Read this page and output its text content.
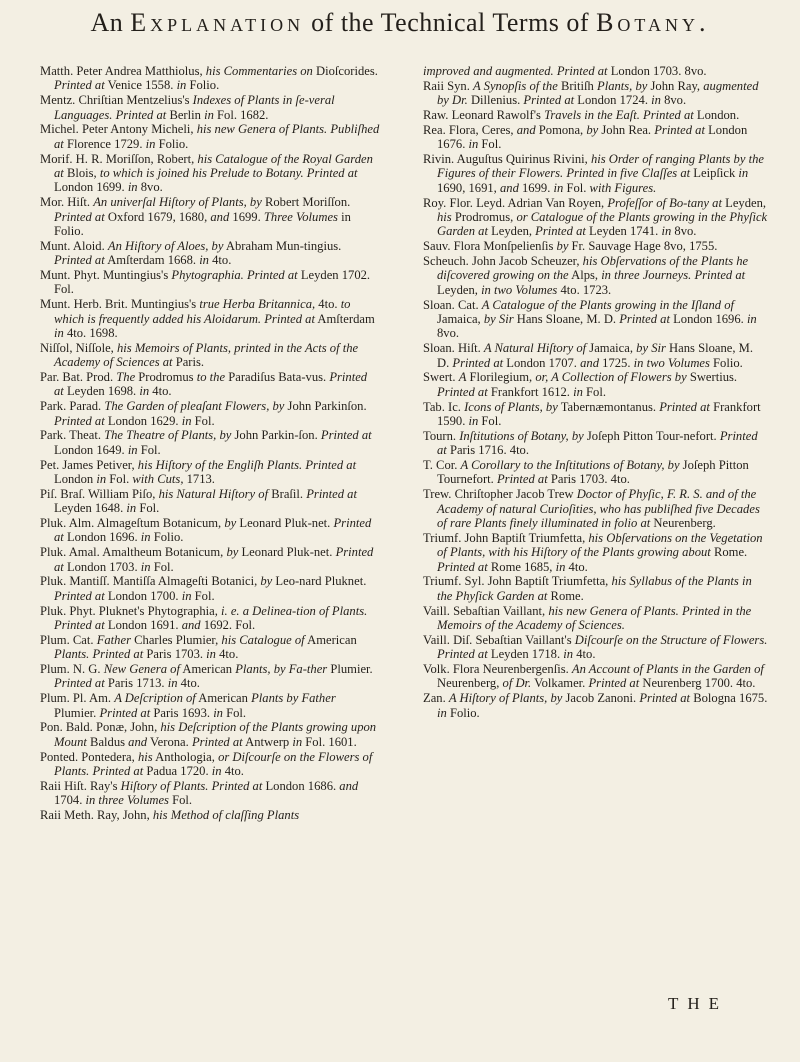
An Explanation of the Technical Terms of Botany.

Matth. Peter Andrea Matthiolus, his Commentaries on Dioſcorides. Printed at Venice 1558. in Folio.

Mentz. Chriſtian Mentzelius's Indexes of Plants in ſe-veral Languages. Printed at Berlin in Fol. 1682.

Michel. Peter Antony Micheli, his new Genera of Plants. Publiſhed at Florence 1729. in Folio.

Morif. H. R. Moriſſon, Robert, his Catalogue of the Royal Garden at Blois, to which is joined his Prelude to Botany. Printed at London 1699. in 8vo.

Mor. Hiſt. An univerſal Hiſtory of Plants, by Robert Moriſſon. Printed at Oxford 1679, 1680, and 1699. Three Volumes in Folio.

Munt. Aloid. An Hiſtory of Aloes, by Abraham Mun-tingius. Printed at Amſterdam 1668. in 4to.

Munt. Phyt. Muntingius's Phytographia. Printed at Leyden 1702. Fol.

Munt. Herb. Brit. Muntingius's true Herba Britannica, 4to. to which is frequently added his Aloidarum. Printed at Amſterdam in 4to. 1698.

Niſſol, Niſſole, his Memoirs of Plants, printed in the Acts of the Academy of Sciences at Paris.

Par. Bat. Prod. The Prodromus to the Paradiſus Bata-vus. Printed at Leyden 1698. in 4to.

Park. Parad. The Garden of pleaſant Flowers, by John Parkinſon. Printed at London 1629. in Fol.

Park. Theat. The Theatre of Plants, by John Parkin-ſon. Printed at London 1649. in Fol.

Pet. James Petiver, his Hiſtory of the Engliſh Plants. Printed at London in Fol. with Cuts, 1713.

Piſ. Braſ. William Piſo, his Natural Hiſtory of Braſil. Printed at Leyden 1648. in Fol.

Pluk. Alm. Almageſtum Botanicum, by Leonard Pluk-net. Printed at London 1696. in Folio.

Pluk. Amal. Amaltheum Botanicum, by Leonard Pluk-net. Printed at London 1703. in Fol.

Pluk. Mantiſſ. Mantiſſa Almageſti Botanici, by Leo-nard Pluknet. Printed at London 1700. in Fol.

Pluk. Phyt. Pluknet's Phytographia, i. e. a Delinea-tion of Plants. Printed at London 1691. and 1692. Fol.

Plum. Cat. Father Charles Plumier, his Catalogue of American Plants. Printed at Paris 1703. in 4to.

Plum. N. G. New Genera of American Plants, by Fa-ther Plumier. Printed at Paris 1713. in 4to.

Plum. Pl. Am. A Deſcription of American Plants by Father Plumier. Printed at Paris 1693. in Fol.

Pon. Bald. Ponæ, John, his Deſcription of the Plants growing upon Mount Baldus and Verona. Printed at Antwerp in Fol. 1601.

Ponted. Pontedera, his Anthologia, or Diſcourſe on the Flowers of Plants. Printed at Padua 1720. in 4to.

Raii Hiſt. Ray's Hiſtory of Plants. Printed at London 1686. and 1704. in three Volumes Fol.

Raii Meth. Ray, John, his Method of claſſing Plants

improved and augmented. Printed at London 1703. 8vo.

Raii Syn. A Synopſis of the Britiſh Plants, by John Ray, augmented by Dr. Dillenius. Printed at London 1724. in 8vo.

Raw. Leonard Rawolf's Travels in the Eaſt. Printed at London.

Rea. Flora, Ceres, and Pomona, by John Rea. Printed at London 1676. in Fol.

Rivin. Auguſtus Quirinus Rivini, his Order of ranging Plants by the Figures of their Flowers. Printed in five Claſſes at Leipſick in 1690, 1691, and 1699. in Fol. with Figures.

Roy. Flor. Leyd. Adrian Van Royen, Profeſſor of Bo-tany at Leyden, his Prodromus, or Catalogue of the Plants growing in the Phyſick Garden at Leyden, Printed at Leyden 1741. in 8vo.

Sauv. Flora Monſpelienſis by Fr. Sauvage Hage 8vo, 1755.

Scheuch. John Jacob Scheuzer, his Obſervations of the Plants he diſcovered growing on the Alps, in three Journeys. Printed at Leyden, in two Volumes 4to. 1723.

Sloan. Cat. A Catalogue of the Plants growing in the Iſland of Jamaica, by Sir Hans Sloane, M. D. Printed at London 1696. in 8vo.

Sloan. Hiſt. A Natural Hiſtory of Jamaica, by Sir Hans Sloane, M. D. Printed at London 1707. and 1725. in two Volumes Folio.

Swert. A Florilegium, or, A Collection of Flowers by Swertius. Printed at Frankfort 1612. in Fol.

Tab. Ic. Icons of Plants, by Tabernæmontanus. Printed at Frankfort 1590. in Fol.

Tourn. Inſtitutions of Botany, by Joſeph Pitton Tour-nefort. Printed at Paris 1716. 4to.

T. Cor. A Corollary to the Inſtitutions of Botany, by Joſeph Pitton Tournefort. Printed at Paris 1703. 4to.

Trew. Chriſtopher Jacob Trew Doctor of Phyſic, F. R. S. and of the Academy of natural Curioſities, who has publiſhed five Decades of rare Plants finely illuminated in folio at Neurenberg.

Triumf. John Baptiſt Triumfetta, his Obſervations on the Vegetation of Plants, with his Hiſtory of the Plants growing about Rome. Printed at Rome 1685, in 4to.

Triumf. Syl. John Baptiſt Triumfetta, his Syllabus of the Plants in the Phyſick Garden at Rome.

Vaill. Sebaſtian Vaillant, his new Genera of Plants. Printed in the Memoirs of the Academy of Sciences.

Vaill. Diſ. Sebaſtian Vaillant's Diſcourſe on the Structure of Flowers. Printed at Leyden 1718. in 4to.

Volk. Flora Neurenbergenſis. An Account of Plants in the Garden of Neurenberg, of Dr. Volkamer. Printed at Neurenberg 1700. 4to.

Zan. A Hiſtory of Plants, by Jacob Zanoni. Printed at Bologna 1675. in Folio.

THE
